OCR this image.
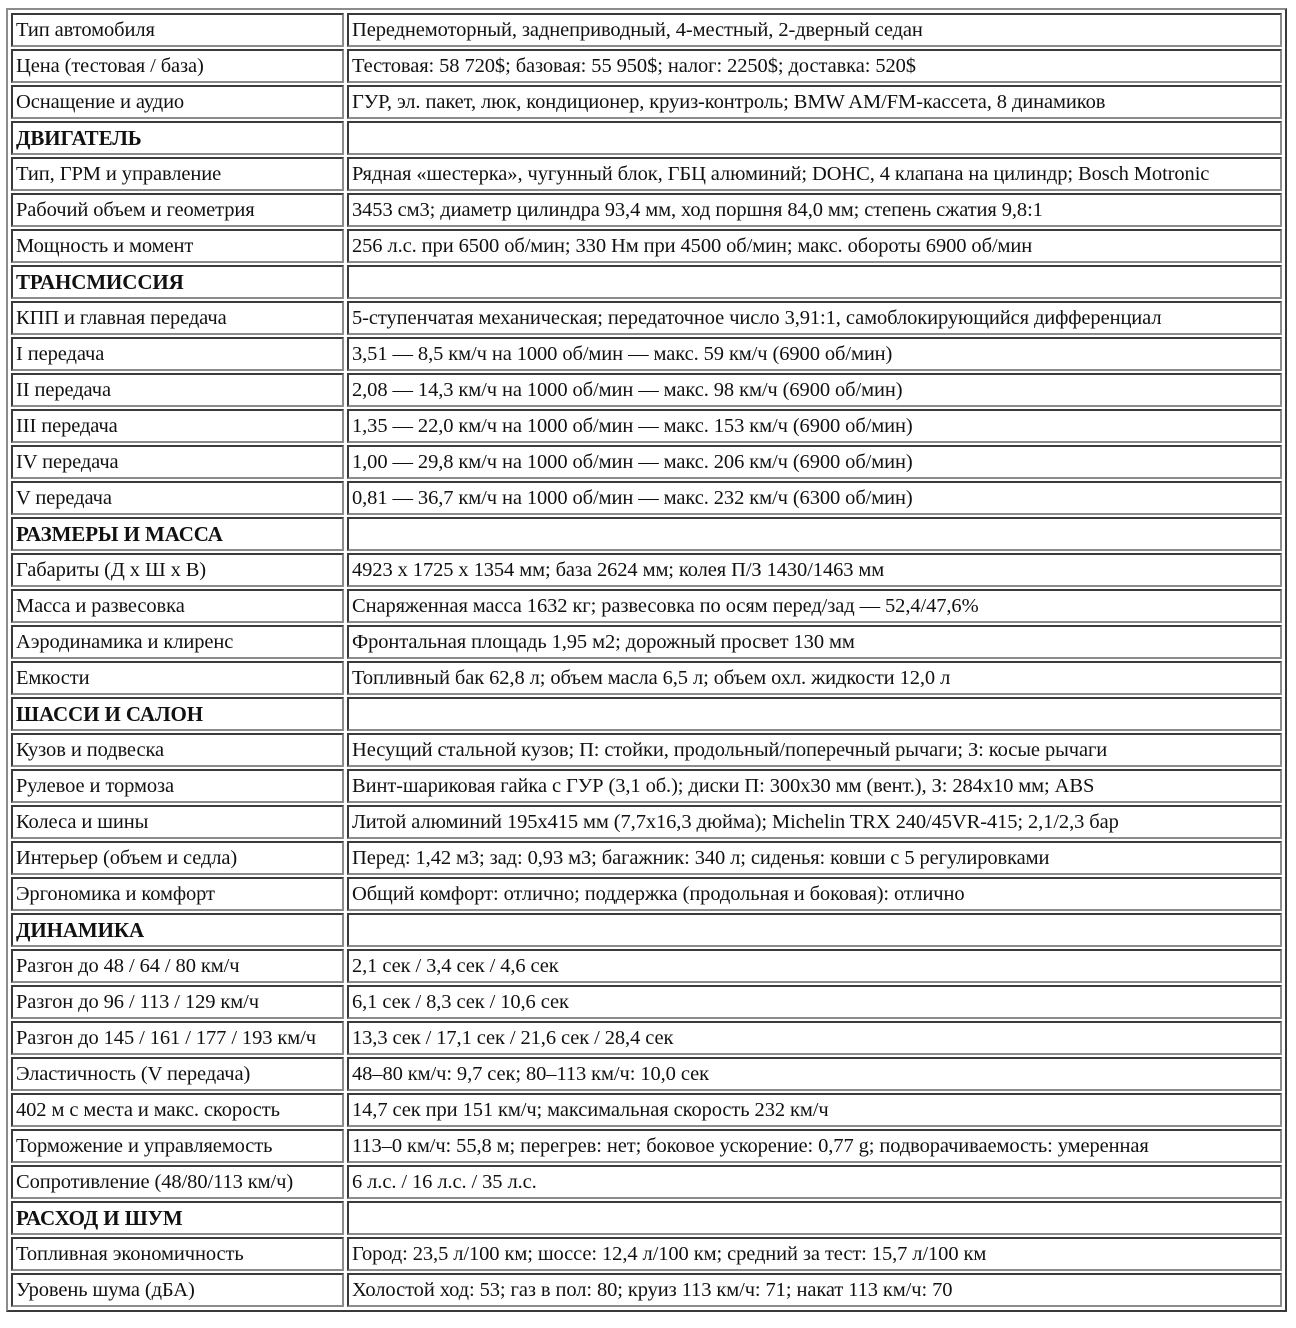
Тип автомобиля	Переднемоторный, заднеприводный, 4-местный, 2-дверный седан
Цена (тестовая / база)	Тестовая: 58 720$; базовая: 55 950$; налог: 2250$; доставка: 520$
Оснащение и аудио	ГУР, эл. пакет, люк, кондиционер, круиз-контроль; BMW AM/FM-кассета, 8 динамиков
ДВИГАТЕЛЬ	
Тип, ГРМ и управление	Рядная «шестерка», чугунный блок, ГБЦ алюминий; DOHC, 4 клапана на цилиндр; Bosch Motronic
Рабочий объем и геометрия	3453 см3; диаметр цилиндра 93,4 мм, ход поршня 84,0 мм; степень сжатия 9,8:1
Мощность и момент	256 л.с. при 6500 об/мин; 330 Нм при 4500 об/мин; макс. обороты 6900 об/мин
ТРАНСМИССИЯ	
КПП и главная передача	5-ступенчатая механическая; передаточное число 3,91:1, самоблокирующийся дифференциал
I передача	3,51 — 8,5 км/ч на 1000 об/мин — макс. 59 км/ч (6900 об/мин)
II передача	2,08 — 14,3 км/ч на 1000 об/мин — макс. 98 км/ч (6900 об/мин)
III передача	1,35 — 22,0 км/ч на 1000 об/мин — макс. 153 км/ч (6900 об/мин)
IV передача	1,00 — 29,8 км/ч на 1000 об/мин — макс. 206 км/ч (6900 об/мин)
V передача	0,81 — 36,7 км/ч на 1000 об/мин — макс. 232 км/ч (6300 об/мин)
РАЗМЕРЫ И МАССА	
Габариты (Д х Ш х В)	4923 х 1725 х 1354 мм; база 2624 мм; колея П/З 1430/1463 мм
Масса и развесовка	Снаряженная масса 1632 кг; развесовка по осям перед/зад — 52,4/47,6%
Аэродинамика и клиренс	Фронтальная площадь 1,95 м2; дорожный просвет 130 мм
Емкости	Топливный бак 62,8 л; объем масла 6,5 л; объем охл. жидкости 12,0 л
ШАССИ И САЛОН	
Кузов и подвеска	Несущий стальной кузов; П: стойки, продольный/поперечный рычаги; З: косые рычаги
Рулевое и тормоза	Винт-шариковая гайка с ГУР (3,1 об.); диски П: 300x30 мм (вент.), З: 284x10 мм; ABS
Колеса и шины	Литой алюминий 195x415 мм (7,7x16,3 дюйма); Michelin TRX 240/45VR-415; 2,1/2,3 бар
Интерьер (объем и седла)	Перед: 1,42 м3; зад: 0,93 м3; багажник: 340 л; сиденья: ковши с 5 регулировками
Эргономика и комфорт	Общий комфорт: отлично; поддержка (продольная и боковая): отлично
ДИНАМИКА	
Разгон до 48 / 64 / 80 км/ч	2,1 сек / 3,4 сек / 4,6 сек
Разгон до 96 / 113 / 129 км/ч	6,1 сек / 8,3 сек / 10,6 сек
Разгон до 145 / 161 / 177 / 193 км/ч	13,3 сек / 17,1 сек / 21,6 сек / 28,4 сек
Эластичность (V передача)	48–80 км/ч: 9,7 сек; 80–113 км/ч: 10,0 сек
402 м с места и макс. скорость	14,7 сек при 151 км/ч; максимальная скорость 232 км/ч
Торможение и управляемость	113–0 км/ч: 55,8 м; перегрев: нет; боковое ускорение: 0,77 g; подворачиваемость: умеренная
Сопротивление (48/80/113 км/ч)	6 л.с. / 16 л.с. / 35 л.с.
РАСХОД И ШУМ	
Топливная экономичность	Город: 23,5 л/100 км; шоссе: 12,4 л/100 км; средний за тест: 15,7 л/100 км
Уровень шума (дБА)	Холостой ход: 53; газ в пол: 80; круиз 113 км/ч: 71; накат 113 км/ч: 70
